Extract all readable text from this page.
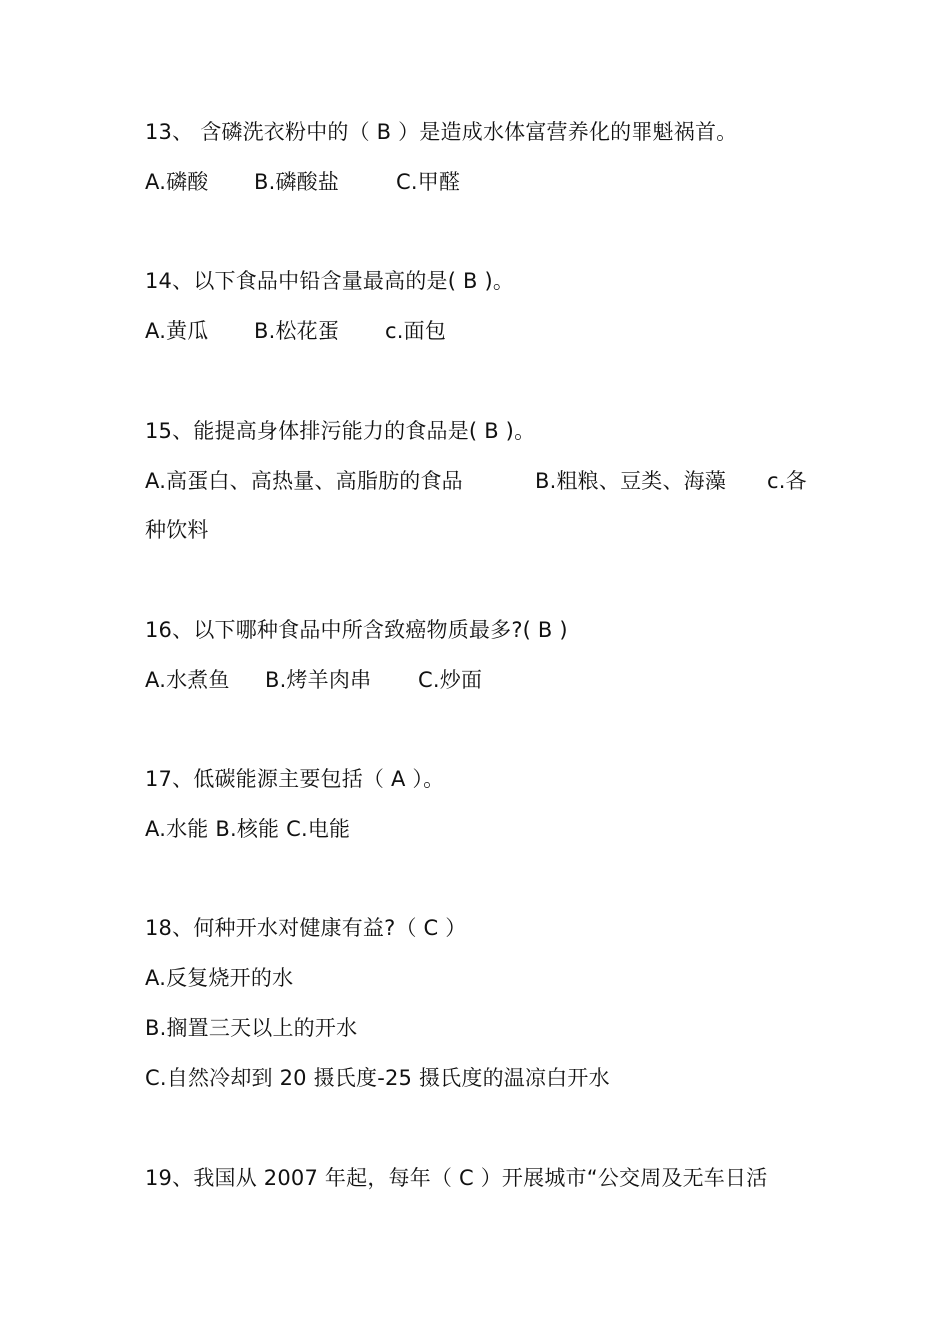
13、 含磷洗衣粉中的（ B ）是造成水体富营养化的罪魁祸首。
A.磷酸 B.磷酸盐	C.甲醛
14、以下食品中铅含量最高的是( B )。
A.黄瓜 B.松花蛋 c.面包
15、能提高身体排污能力的食品是( B )。
A.高蛋白、高热量、高脂肪的食品	B.粗粮、豆类、海藻 c.各
种饮料
16、以下哪种食品中所含致癌物质最多?( B )
A.水煮鱼 B.烤羊肉串 C.炒面
17、低碳能源主要包括（ A ）。
A.水能 B.核能 C.电能
18、何种开水对健康有益?（ C ）
A.反复烧开的水
B.搁置三天以上的开水
C.自然冷却到 20 摄氏度-25 摄氏度的温凉白开水
19、我国从 2007 年起，每年（ C ）开展城市“公交周及无车日活
